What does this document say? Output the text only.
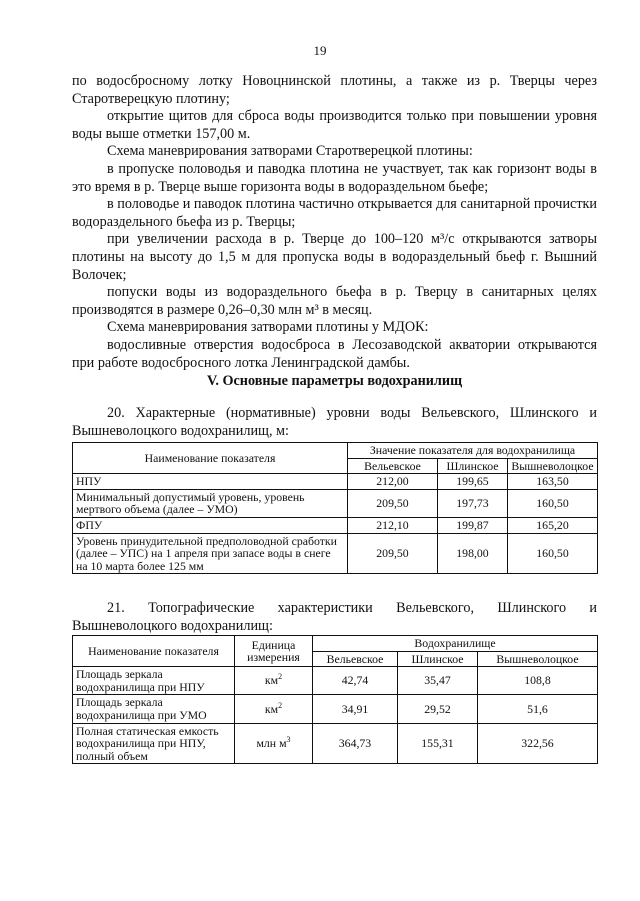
19

по водосбросному лотку Новоцнинской плотины, а также из р. Тверцы через Старотверецкую плотину;

открытие щитов для сброса воды производится только при повышении уровня воды выше отметки 157,00 м.

Схема маневрирования затворами Старотверецкой плотины:

в пропуске половодья и паводка плотина не участвует, так как горизонт воды в это время в р. Тверце выше горизонта воды в водораздельном бьефе;

в половодье и паводок плотина частично открывается для санитарной прочистки водораздельного бьефа из р. Тверцы;

при увеличении расхода в р. Тверце до 100–120 м³/с открываются затворы плотины на высоту до 1,5 м для пропуска воды в водораздельный бьеф г. Вышний Волочек;

попуски воды из водораздельного бьефа в р. Тверцу в санитарных целях производятся в размере 0,26–0,30 млн м³ в месяц.

Схема маневрирования затворами плотины у МДОК:

водосливные отверстия водосброса в Лесозаводской акватории открываются при работе водосбросного лотка Ленинградской дамбы.

V. Основные параметры водохранилищ

20. Характерные (нормативные) уровни воды Вельевского, Шлинского и Вышневолоцкого водохранилищ, м:

Наименование показателя	Значение показателя для водохранилища		
	Вельевское	Шлинское	Вышневолоцкое
НПУ	212,00	199,65	163,50
Минимальный допустимый уровень, уровень мертвого объема (далее – УМО)	209,50	197,73	160,50
ФПУ	212,10	199,87	165,20
Уровень принудительной предполоводной сработки (далее – УПС) на 1 апреля при запасе воды в снеге на 10 марта более 125 мм	209,50	198,00	160,50

21. Топографические характеристики Вельевского, Шлинского и Вышневолоцкого водохранилищ:

Наименование показателя	Единица измерения	Водохранилище		
		Вельевское	Шлинское	Вышневолоцкое
Площадь зеркала водохранилища при НПУ	$км^2$	42,74	35,47	108,8
Площадь зеркала водохранилища при УМО	$км^2$	34,91	29,52	51,6
Полная статическая емкость водохранилища при НПУ, полный объем	млн $м^3$	364,73	155,31	322,56
